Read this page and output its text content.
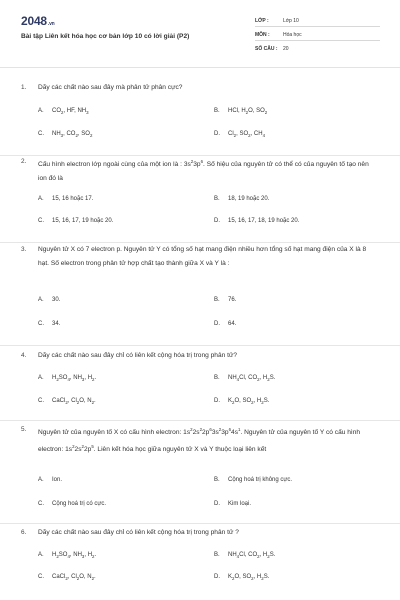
2048.vn
Bài tập Liên kết hóa học cơ bản lớp 10 có lời giải (P2)
LỚP :	Lớp 10
MÔN :	Hóa học
SỐ CÂU : 20
1. Dãy các chất nào sau đây mà phân tử phân cực?
A. $CO_2$, HF, $NH_3$	B. HCl, $H_2O$, $SO_2$
C. $NH_3$, $CO_2$, $SO_2$	D. $Cl_2$, $SO_2$, $CH_4$
2. Cấu hình electron lớp ngoài cùng của một ion là : $3s^23p^6$. Số hiệu của nguyên tử có thể có của nguyên tố tạo nên ion đó là
A. 15, 16 hoặc 17.	B. 18, 19 hoặc 20.
C. 15, 16, 17, 19 hoặc 20.	D. 15, 16, 17, 18, 19 hoặc 20.
3. Nguyên tử X có 7 electron p. Nguyên tử Y có tổng số hạt mang điện nhiều hơn tổng số hạt mang điện của X là 8 hạt. Số electron trong phân tử hợp chất tạo thành giữa X và Y là :
A. 30.	B. 76.
C. 34.	D. 64.
4. Dãy các chất nào sau đây chỉ có liên kết cộng hóa trị trong phân tử?
A. $H_2SO_4$, $NH_3$, $H_2$.	B. $NH_4Cl$, $CO_2$, $H_2S$.
C. CaCl$_2$, $Cl_2O$, $N_2$.	D. $K_2O$, $SO_2$, $H_2S$.
5. Nguyên tử của nguyên tố X có cấu hình electron: $1s^22s^22p^63s^23p^64s^1$. Nguyên tử của nguyên tố Y có cấu hình electron: $1s^22s^22p^5$. Liên kết hóa học giữa nguyên tử X và Y thuộc loại liên kết
A. Ion.	B. Cộng hoá trị không cực.
C. Cộng hoá trị có cực.	D. Kim loại.
6. Dãy các chất nào sau đây chỉ có liên kết cộng hóa trị trong phân tử ?
A. $H_2SO_4$, $NH_3$, $H_2$.	B. $NH_4Cl$, $CO_2$, $H_2S$.
C. CaCl$_2$, $Cl_2O$, $N_2$.	D. $K_2O$, $SO_2$, $H_2S$.
